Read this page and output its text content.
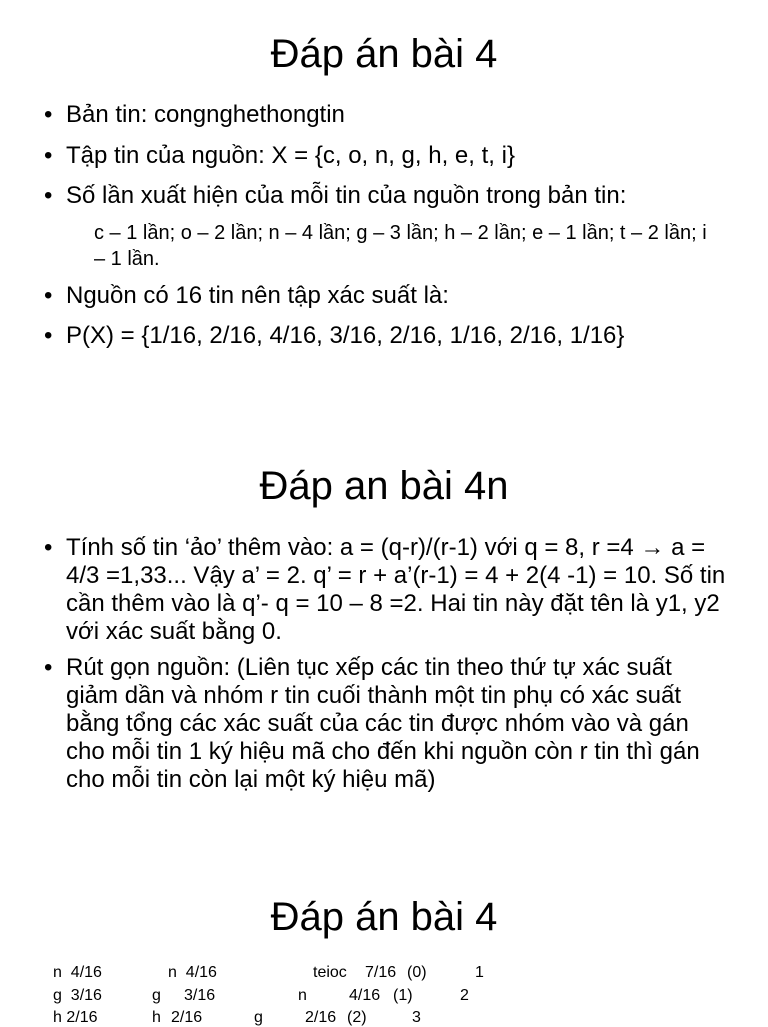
Đáp án bài 4
• Bản tin: congnghethongtin
• Tập tin của nguồn: X = {c, o, n, g, h, e, t, i}
• Số lần xuất hiện của mỗi tin của nguồn trong bản tin:
c – 1 lần; o – 2 lần; n – 4 lần; g – 3 lần; h – 2 lần; e – 1 lần; t – 2 lần; i – 1 lần.
• Nguồn có 16 tin nên tập xác suất là:
• P(X) = {1/16, 2/16, 4/16, 3/16, 2/16, 1/16, 2/16, 1/16}
Đáp an bài 4n
• Tính số tin ‘ảo’ thêm vào: a = (q-r)/(r-1) với q = 8, r =4 → a = 4/3 =1,33... Vậy a’ = 2. q’ = r + a’(r-1) = 4 + 2(4 -1) = 10. Số tin cần thêm vào là q’- q = 10 – 8 =2. Hai tin này đặt tên là y1, y2 với xác suất bằng 0.
• Rút gọn nguồn: (Liên tục xếp các tin theo thứ tự xác suất giảm dần và nhóm r tin cuối thành một tin phụ có xác suất bằng tổng các xác suất của các tin được nhóm vào và gán cho mỗi tin 1 ký hiệu mã cho đến khi nguồn còn r tin thì gán cho mỗi tin còn lại một ký hiệu mã)
Đáp án bài 4
n  4/16	n  4/16	teioc 7/16 (0)	1
g  3/16	g 3/16	n	4/16 (1)	2
h 2/16	h 2/16	g	2/16 (2)	3
